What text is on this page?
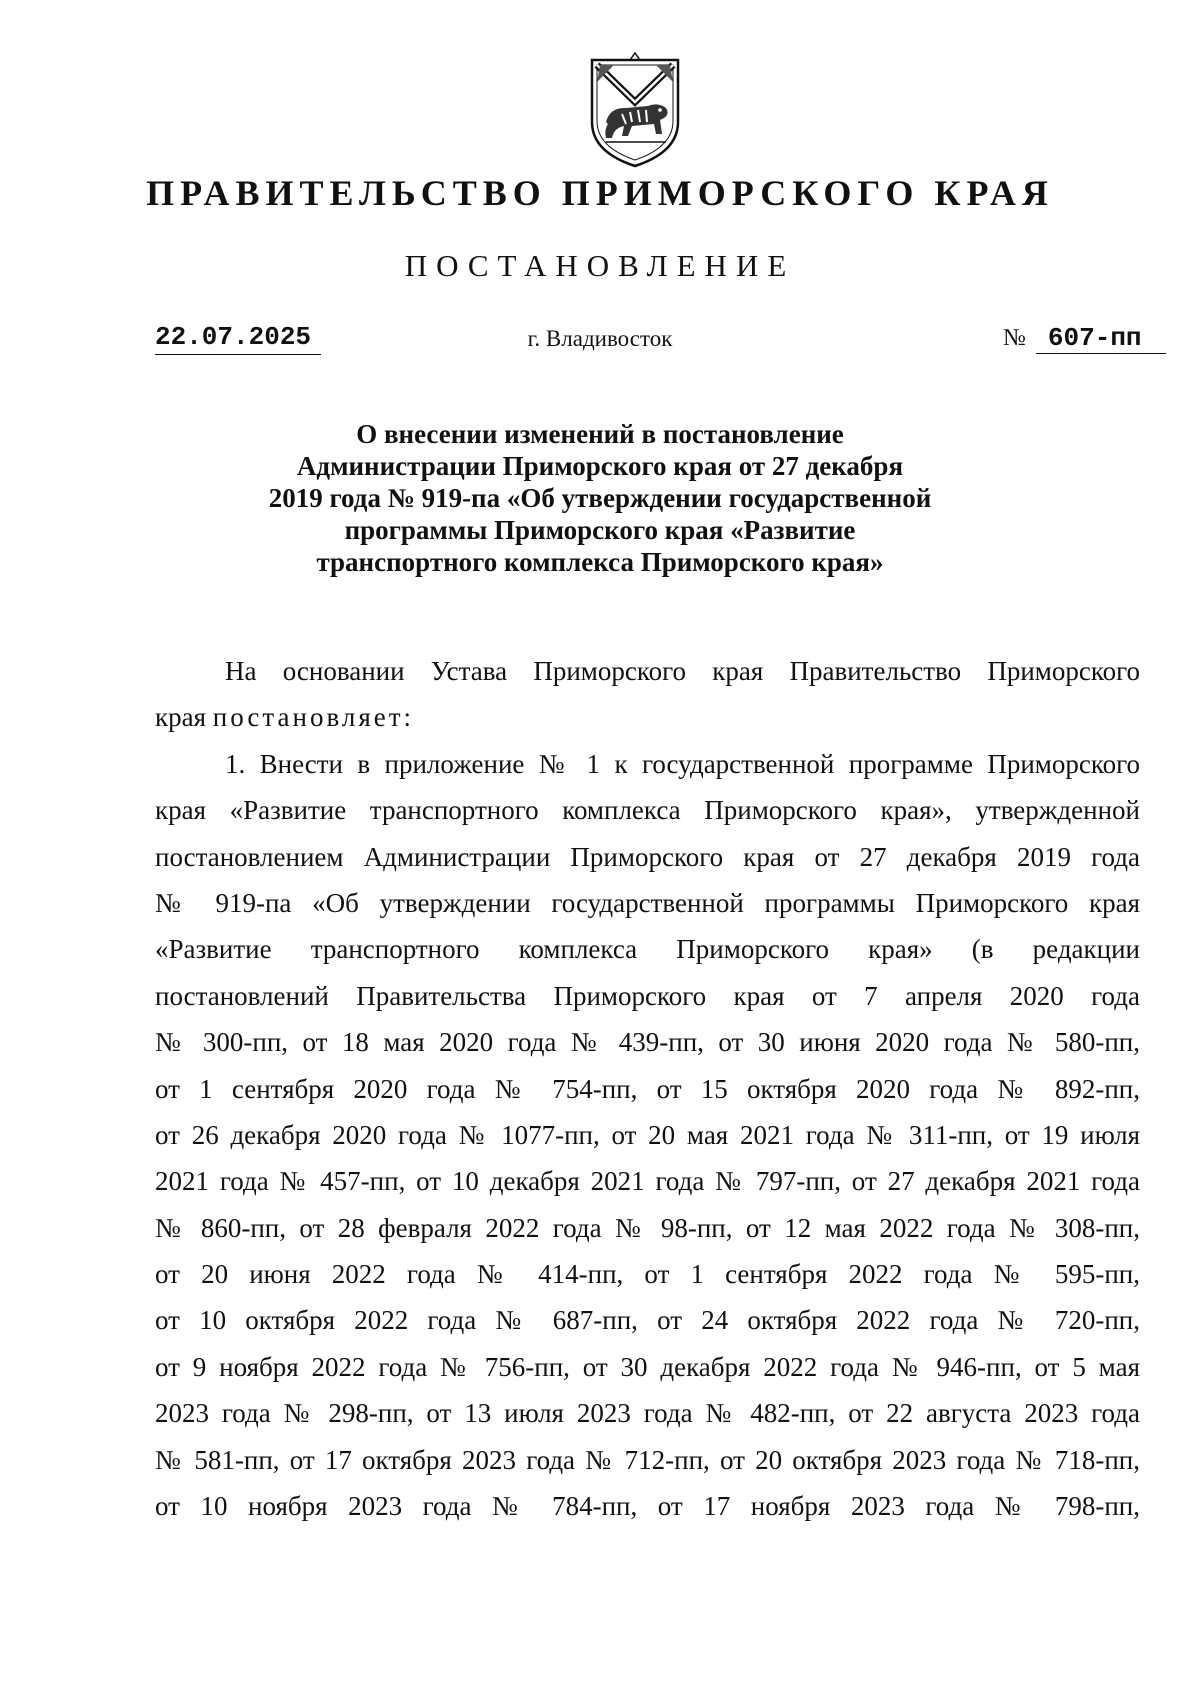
ПРАВИТЕЛЬСТВО ПРИМОРСКОГО КРАЯ
ПОСТАНОВЛЕНИЕ
22.07.2025	г. Владивосток	№ 607-пп
О внесении изменений в постановление
Администрации Приморского края от 27 декабря
2019 года № 919-па «Об утверждении государственной
программы Приморского края «Развитие
транспортного комплекса Приморского края»
На основании Устава Приморского края Правительство Приморского
края постановляет:
1. Внести в приложение № 1 к государственной программе Приморского
края «Развитие транспортного комплекса Приморского края», утвержденной
постановлением Администрации Приморского края от 27 декабря 2019 года
№ 919-па «Об утверждении государственной программы Приморского края
«Развитие транспортного комплекса Приморского края» (в редакции
постановлений Правительства Приморского края от 7 апреля 2020 года
№ 300-пп, от 18 мая 2020 года № 439-пп, от 30 июня 2020 года № 580-пп,
от 1 сентября 2020 года № 754-пп, от 15 октября 2020 года № 892-пп,
от 26 декабря 2020 года № 1077-пп, от 20 мая 2021 года № 311-пп, от 19 июля
2021 года № 457-пп, от 10 декабря 2021 года № 797-пп, от 27 декабря 2021 года
№ 860-пп, от 28 февраля 2022 года № 98-пп, от 12 мая 2022 года № 308-пп,
от 20 июня 2022 года № 414-пп, от 1 сентября 2022 года № 595-пп,
от 10 октября 2022 года № 687-пп, от 24 октября 2022 года № 720-пп,
от 9 ноября 2022 года № 756-пп, от 30 декабря 2022 года № 946-пп, от 5 мая
2023 года № 298-пп, от 13 июля 2023 года № 482-пп, от 22 августа 2023 года
№ 581-пп, от 17 октября 2023 года № 712-пп, от 20 октября 2023 года № 718-пп,
от 10 ноября 2023 года № 784-пп, от 17 ноября 2023 года № 798-пп,
